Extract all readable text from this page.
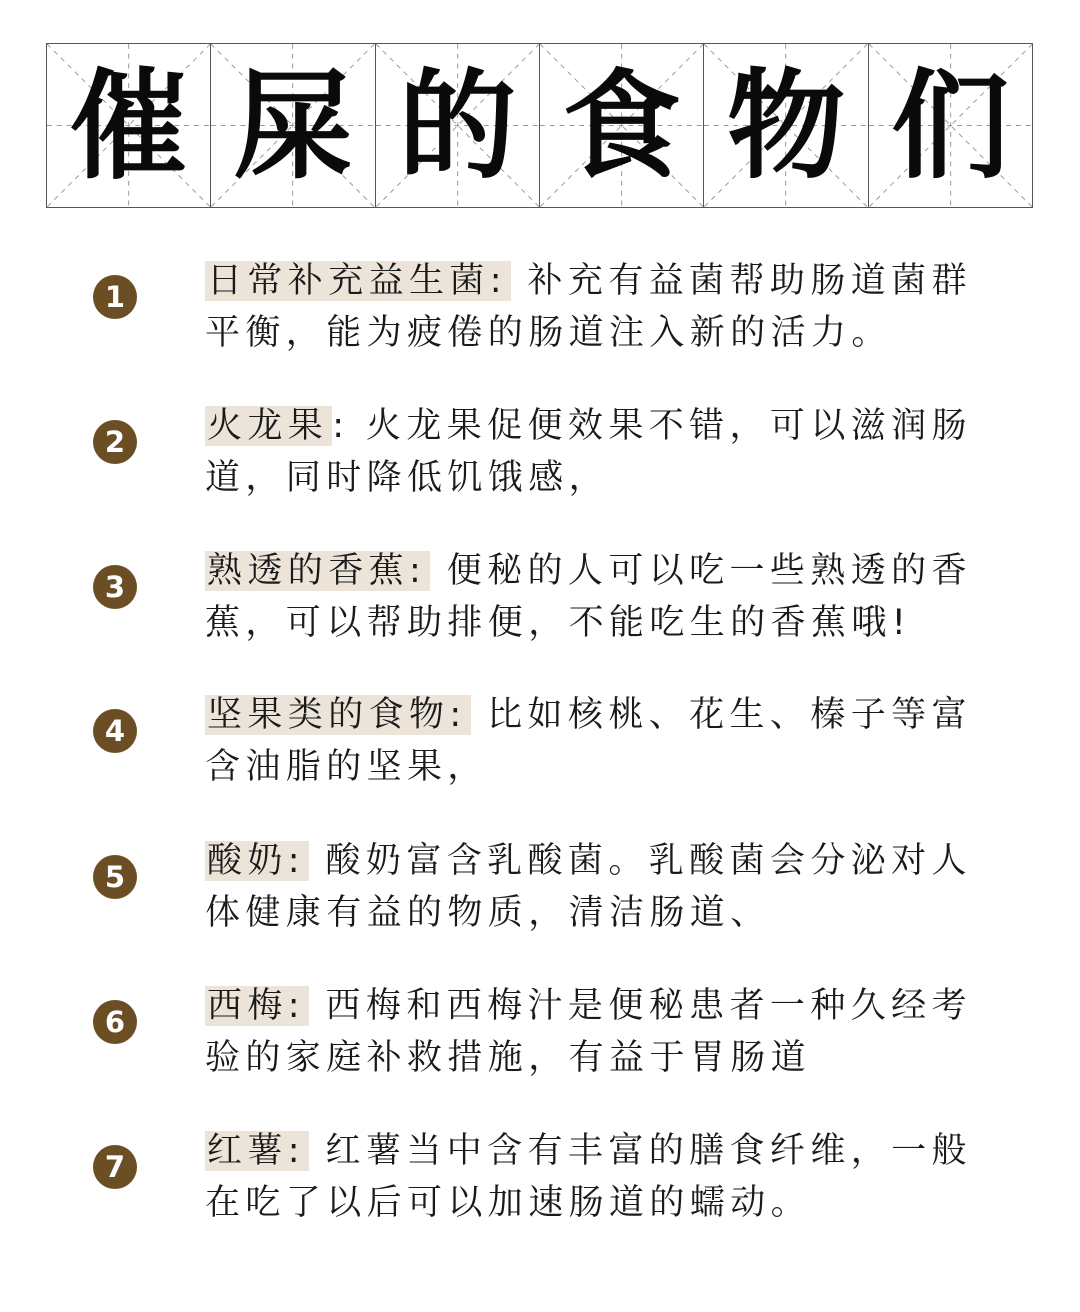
催 屎 的 食 物 们
1	日常补充益生菌: 补充有益菌帮助肠道菌群平衡，能为疲倦的肠道注入新的活力。
2	火龙果 : 火龙果促便效果不错，可以滋润肠道，同时降低饥饿感，
3	熟透的香蕉: 便秘的人可以吃一些熟透的香蕉，可以帮助排便，不能吃生的香蕉哦!
4	坚果类的食物: 比如核桃、花生、榛子等富含油脂的坚果，
5	酸奶: 酸奶富含乳酸菌。乳酸菌会分泌对人体健康有益的物质，清洁肠道、
6	西梅: 西梅和西梅汁是便秘患者一种久经考验的家庭补救措施，有益于胃肠道
7	红薯: 红薯当中含有丰富的膳食纤维，一般在吃了以后可以加速肠道的蠕动。
